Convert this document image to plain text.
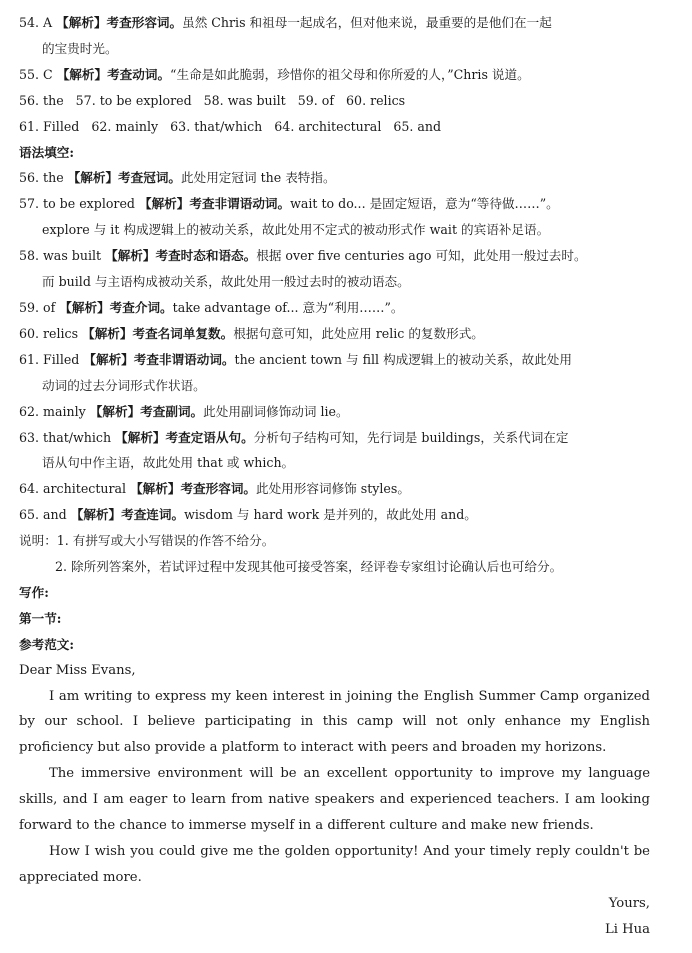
54. A 【解析】考查形容词。虽然 Chris 和祖母一起成名，但对他来说，最重要的是他们在一起
的宝贵时光。
55. C 【解析】考查动词。“生命是如此脆弱，珍惜你的祖父母和你所爱的人，”Chris 说道。
56. the 57. to be explored 58. was built 59. of 60. relics
61. Filled 62. mainly 63. that/which 64. architectural 65. and
语法填空:
56. the 【解析】考查冠词。此处用定冠词 the 表特指。
57. to be explored 【解析】考查非谓语动词。wait to do... 是固定短语，意为“等待做……”。
explore 与 it 构成逻辑上的被动关系，故此处用不定式的被动形式作 wait 的宾语补足语。
58. was built 【解析】考查时态和语态。根据 over five centuries ago 可知，此处用一般过去时。
而 build 与主语构成被动关系，故此处用一般过去时的被动语态。
59. of 【解析】考查介词。take advantage of... 意为“利用……”。
60. relics 【解析】考查名词单复数。根据句意可知，此处应用 relic 的复数形式。
61. Filled 【解析】考查非谓语动词。the ancient town 与 fill 构成逻辑上的被动关系，故此处用
动词的过去分词形式作状语。
62. mainly 【解析】考查副词。此处用副词修饰动词 lie。
63. that/which 【解析】考查定语从句。分析句子结构可知，先行词是 buildings，关系代词在定
语从句中作主语，故此处用 that 或 which。
64. architectural 【解析】考查形容词。此处用形容词修饰 styles。
65. and 【解析】考查连词。wisdom 与 hard work 是并列的，故此处用 and。
说明：1. 有拼写或大小写错误的作答不给分。
2. 除所列答案外，若试评过程中发现其他可接受答案，经评卷专家组讨论确认后也可给分。
写作:
第一节:
参考范文:
Dear Miss Evans,
I am writing to express my keen interest in joining the English Summer Camp organized by our school. I believe participating in this camp will not only enhance my English proficiency but also provide a platform to interact with peers and broaden my horizons.
The immersive environment will be an excellent opportunity to improve my language skills, and I am eager to learn from native speakers and experienced teachers. I am looking forward to the chance to immerse myself in a different culture and make new friends.
How I wish you could give me the golden opportunity! And your timely reply couldn't be appreciated more.
Yours,
Li Hua
